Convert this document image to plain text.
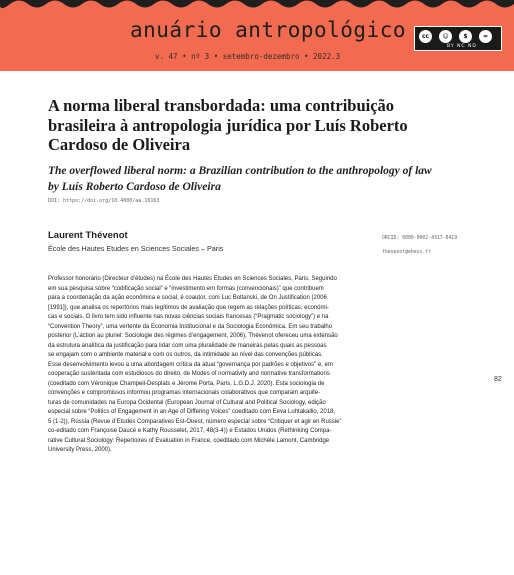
anuário antropológico
v. 47 • nº 3 • setembro-dezembro • 2022.3
cc	☺	$	=
BY NC ND
A norma liberal transbordada: uma contribuição brasileira à antropologia jurídica por Luís Roberto Cardoso de Oliveira
The overflowed liberal norm: a Brazilian contribution to the anthropology of law by Luís Roberto Cardoso de Oliveira
DOI: https://doi.org/10.4000/aa.10163
Laurent Thévenot
École des Hautes Etudes en Sciences Sociales – Paris
ORCID: 0000-0002-4317-0419
thevenot@ehess.fr
Professor honorário (Directeur d’études) na École des Hautes Etudes en Sciences Sociales, Paris. Seguindo
em sua pesquisa sobre “codificação social” e “investimento em formas (convencionais)” que contribuem
para a coordenação da ação econômica e social, é coautor, com Luc Boltanski, de On Justification (2006
[1991]), que analisa os repertórios mais legítimos de avaliação que regem as relações políticas, económi-
cas e sociais. O livro tem sido influente nas novas ciências sociais francesas (“Pragmatic sociology”) e na
“Convention Theory”, uma vertente da Economia Institucional e da Sociologia Econômica. Em seu trabalho
posterior (L’action au pluriel: Sociologie des régimes d’engagement, 2006), Thévenot ofereceu uma extensão
da estrutura analítica da justificação para lidar com uma pluralidade de maneiras pelas quais as pessoas
se engajam com o ambiente material e com os outros, da intimidade ao nível das convenções públicas.
Esse desenvolvimento levou a uma abordagem crítica da atual “governança por padrões e objetivos” e, em
cooperação sustentada com estudiosos do direito, de Modes of normativity and normative transformations
(coeditado com Véronique Champeil-Desplats e Jérome Porta, Paris, L.G.D.J. 2020). Esta sociologia de
convenções e compromissos informou programas internacionais colaborativos que comparam arquite-
turas de comunidades na Europa Ocidental (European Journal of Cultural and Political Sociology, edição
especial sobre “Politics of Engagement in an Age of Differing Voices” coeditado com Eeva Luhtakallio, 2018,
5 (1-2)), Rússia (Revue d’Etudes Comparatives Est-Ouest, número especial sobre “Critiquer et agir en Russie”
co-editado com Françoise Daucé e Kathy Rousselet, 2017, 48(3-4)) e Estados Unidos (Rethinking Compa-
rative Cultural Sociology: Repertoires of Evaluation in France, coeditado com Michèle Lamont, Cambridge
University Press, 2000).
82
